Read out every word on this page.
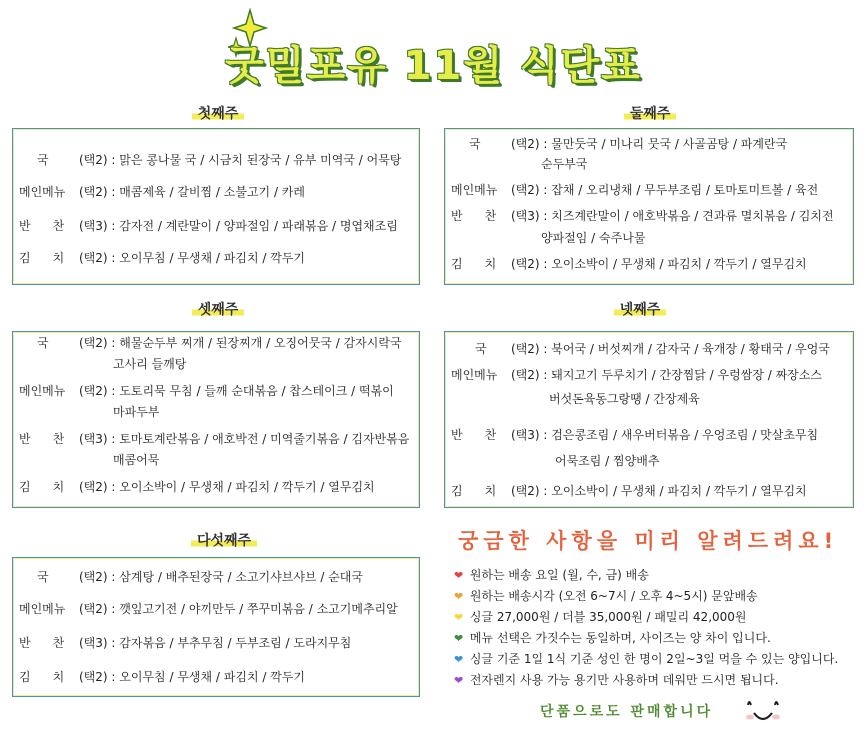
굿밀포유 11월 식단표
첫째주	둘째주
셋째주	넷째주
다섯째주
국 (택2) : 맑은 콩나물 국 / 시금치 된장국 / 유부 미역국 / 어묵탕
메인메뉴 (택2) : 매콤제육 / 갈비찜 / 소불고기 / 카레
반찬(택3) : 감자전 / 계란말이 / 양파절임 / 파래볶음 / 명엽채조림
김치(택2) : 오이무침 / 무생채 / 파김치 / 깍두기
국 (택2) : 물만둣국 / 미나리 뭇국 / 사골곰탕 / 파계란국
순두부국
메인메뉴 (택2) : 잡채 / 오리냉채 / 무두부조림 / 토마토미트볼 / 육전
반찬(택3) : 치즈계란말이 / 애호박볶음 / 견과류 멸치볶음 / 김치전
양파절임 / 숙주나물
김치(택2) : 오이소박이 / 무생채 / 파김치 / 깍두기 / 열무김치
국 (택2) : 해물순두부 찌개 / 된장찌개 / 오징어뭇국 / 감자시락국
고사리 들깨탕
메인메뉴 (택2) : 도토리묵 무침 / 들깨 순대볶음 / 찹스테이크 / 떡볶이
마파두부
반찬(택3) : 토마토계란볶음 / 애호박전 / 미역줄기볶음 / 김자반볶음
매콤어묵
김치(택2) : 오이소박이 / 무생채 / 파김치 / 깍두기 / 열무김치
국 (택2) : 북어국 / 버섯찌개 / 감자국 / 육개장 / 황태국 / 우엉국
메인메뉴 (택2) : 돼지고기 두루치기 / 간장찜닭 / 우렁쌈장 / 짜장소스
버섯돈육동그랑땡 / 간장제육
반찬(택3) : 검은콩조림 / 새우버터볶음 / 우엉조림 / 맛살초무침
어묵조림 / 찜양배추
김치(택2) : 오이소박이 / 무생채 / 파김치 / 깍두기 / 열무김치
국 (택2) : 삼계탕 / 배추된장국 / 소고기샤브샤브 / 순대국
메인메뉴 (택2) : 깻잎고기전 / 야끼만두 / 쭈꾸미볶음 / 소고기메추리알
반찬(택3) : 감자볶음 / 부추무침 / 두부조림 / 도라지무침
김치(택2) : 오이무침 / 무생채 / 파김치 / 깍두기
궁금한 사항을 미리 알려드려요!
❤ 원하는 배송 요일 (월, 수, 금) 배송
❤ 원하는 배송시각 (오전 6~7시 / 오후 4~5시) 문앞배송
❤ 싱글 27,000원 / 더블 35,000원 / 패밀리 42,000원
❤ 메뉴 선택은 가짓수는 동일하며, 사이즈는 양 차이 입니다.
❤ 싱글 기준 1일 1식 기준 성인 한 명이 2일~3일 먹을 수 있는 양입니다.
❤ 전자렌지 사용 가능 용기만 사용하며 데워만 드시면 됩니다.
단품으로도 판매합니다
